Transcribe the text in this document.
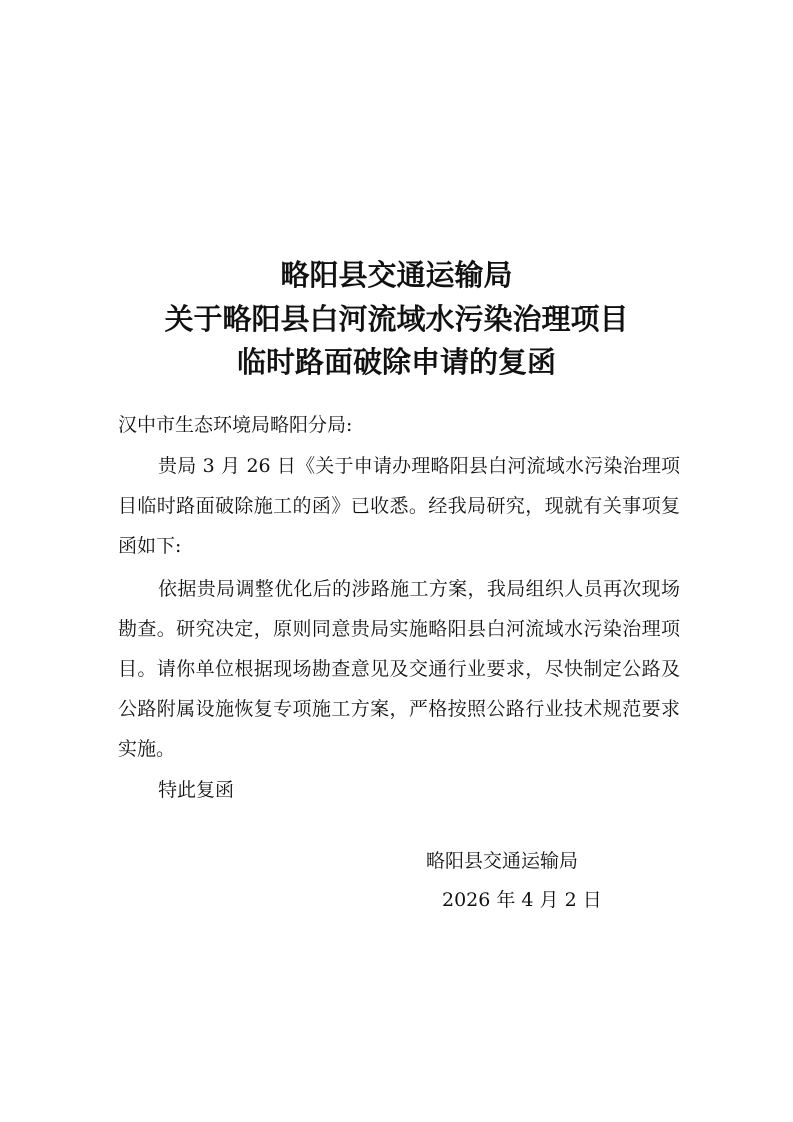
略阳县交通运输局
关于略阳县白河流域水污染治理项目
临时路面破除申请的复函
汉中市生态环境局略阳分局:
贵局 3 月 26 日《关于申请办理略阳县白河流域水污染治理项目临时路面破除施工的函》已收悉。经我局研究，现就有关事项复函如下:
依据贵局调整优化后的涉路施工方案，我局组织人员再次现场勘查。研究决定，原则同意贵局实施略阳县白河流域水污染治理项目。请你单位根据现场勘查意见及交通行业要求，尽快制定公路及公路附属设施恢复专项施工方案，严格按照公路行业技术规范要求实施。
特此复函
略阳县交通运输局
2026 年 4 月 2 日
